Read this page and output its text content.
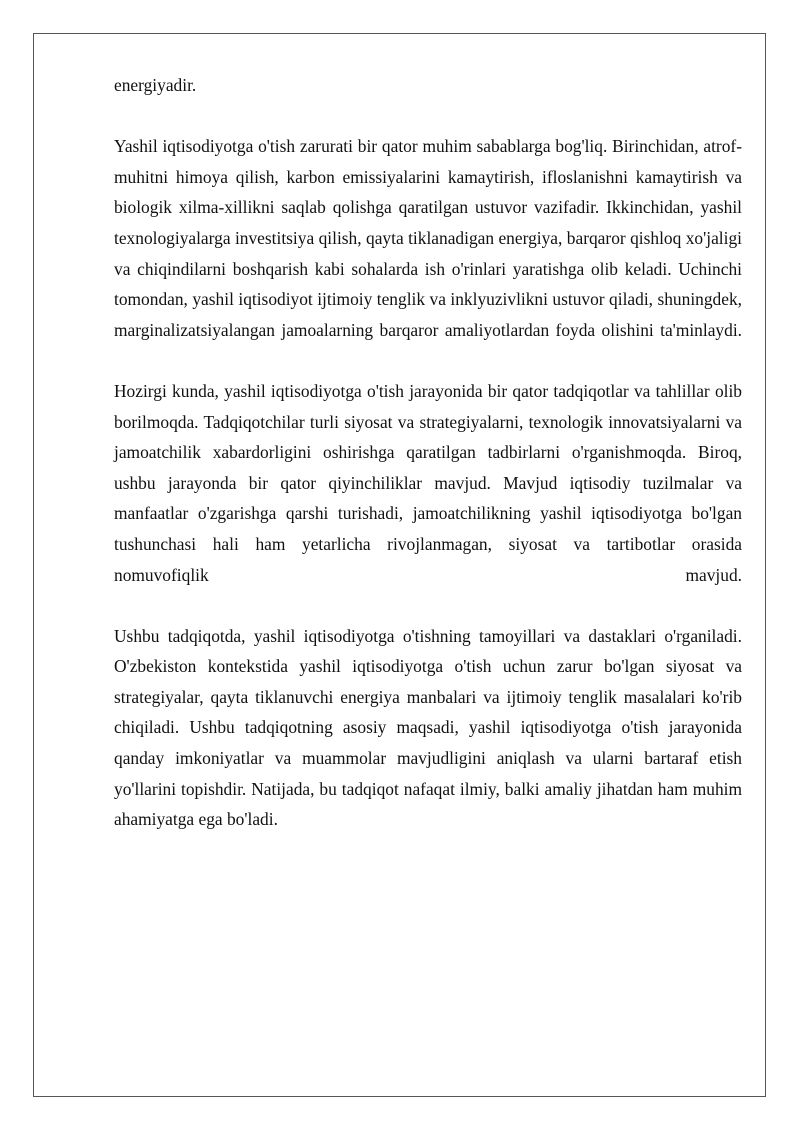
energiyadir.

Yashil iqtisodiyotga o'tish zarurati bir qator muhim sabablarga bog'liq. Birinchidan, atrof-muhitni himoya qilish, karbon emissiyalarini kamaytirish, ifloslanishni kamaytirish va biologik xilma-xillikni saqlab qolishga qaratilgan ustuvor vazifadir. Ikkinchidan, yashil texnologiyalarga investitsiya qilish, qayta tiklanadigan energiya, barqaror qishloq xo'jaligi va chiqindilarni boshqarish kabi sohalarda ish o'rinlari yaratishga olib keladi. Uchinchi tomondan, yashil iqtisodiyot ijtimoiy tenglik va inklyuzivlikni ustuvor qiladi, shuningdek, marginalizatsiyalangan jamoalarning barqaror amaliyotlardan foyda olishini ta'minlaydi.

Hozirgi kunda, yashil iqtisodiyotga o'tish jarayonida bir qator tadqiqotlar va tahlillar olib borilmoqda. Tadqiqotchilar turli siyosat va strategiyalarni, texnologik innovatsiyalarni va jamoatchilik xabardorligini oshirishga qaratilgan tadbirlarni o'rganishmoqda. Biroq, ushbu jarayonda bir qator qiyinchiliklar mavjud. Mavjud iqtisodiy tuzilmalar va manfaatlar o'zgarishga qarshi turishadi, jamoatchilikning yashil iqtisodiyotga bo'lgan tushunchasi hali ham yetarlicha rivojlanmagan, siyosat va tartibotlar orasida nomuvofiqlik mavjud.

Ushbu tadqiqotda, yashil iqtisodiyotga o'tishning tamoyillari va dastaklari o'rganiladi. O'zbekiston kontekstida yashil iqtisodiyotga o'tish uchun zarur bo'lgan siyosat va strategiyalar, qayta tiklanuvchi energiya manbalari va ijtimoiy tenglik masalalari ko'rib chiqiladi. Ushbu tadqiqotning asosiy maqsadi, yashil iqtisodiyotga o'tish jarayonida qanday imkoniyatlar va muammolar mavjudligini aniqlash va ularni bartaraf etish yo'llarini topishdir. Natijada, bu tadqiqot nafaqat ilmiy, balki amaliy jihatdan ham muhim ahamiyatga ega bo'ladi.
